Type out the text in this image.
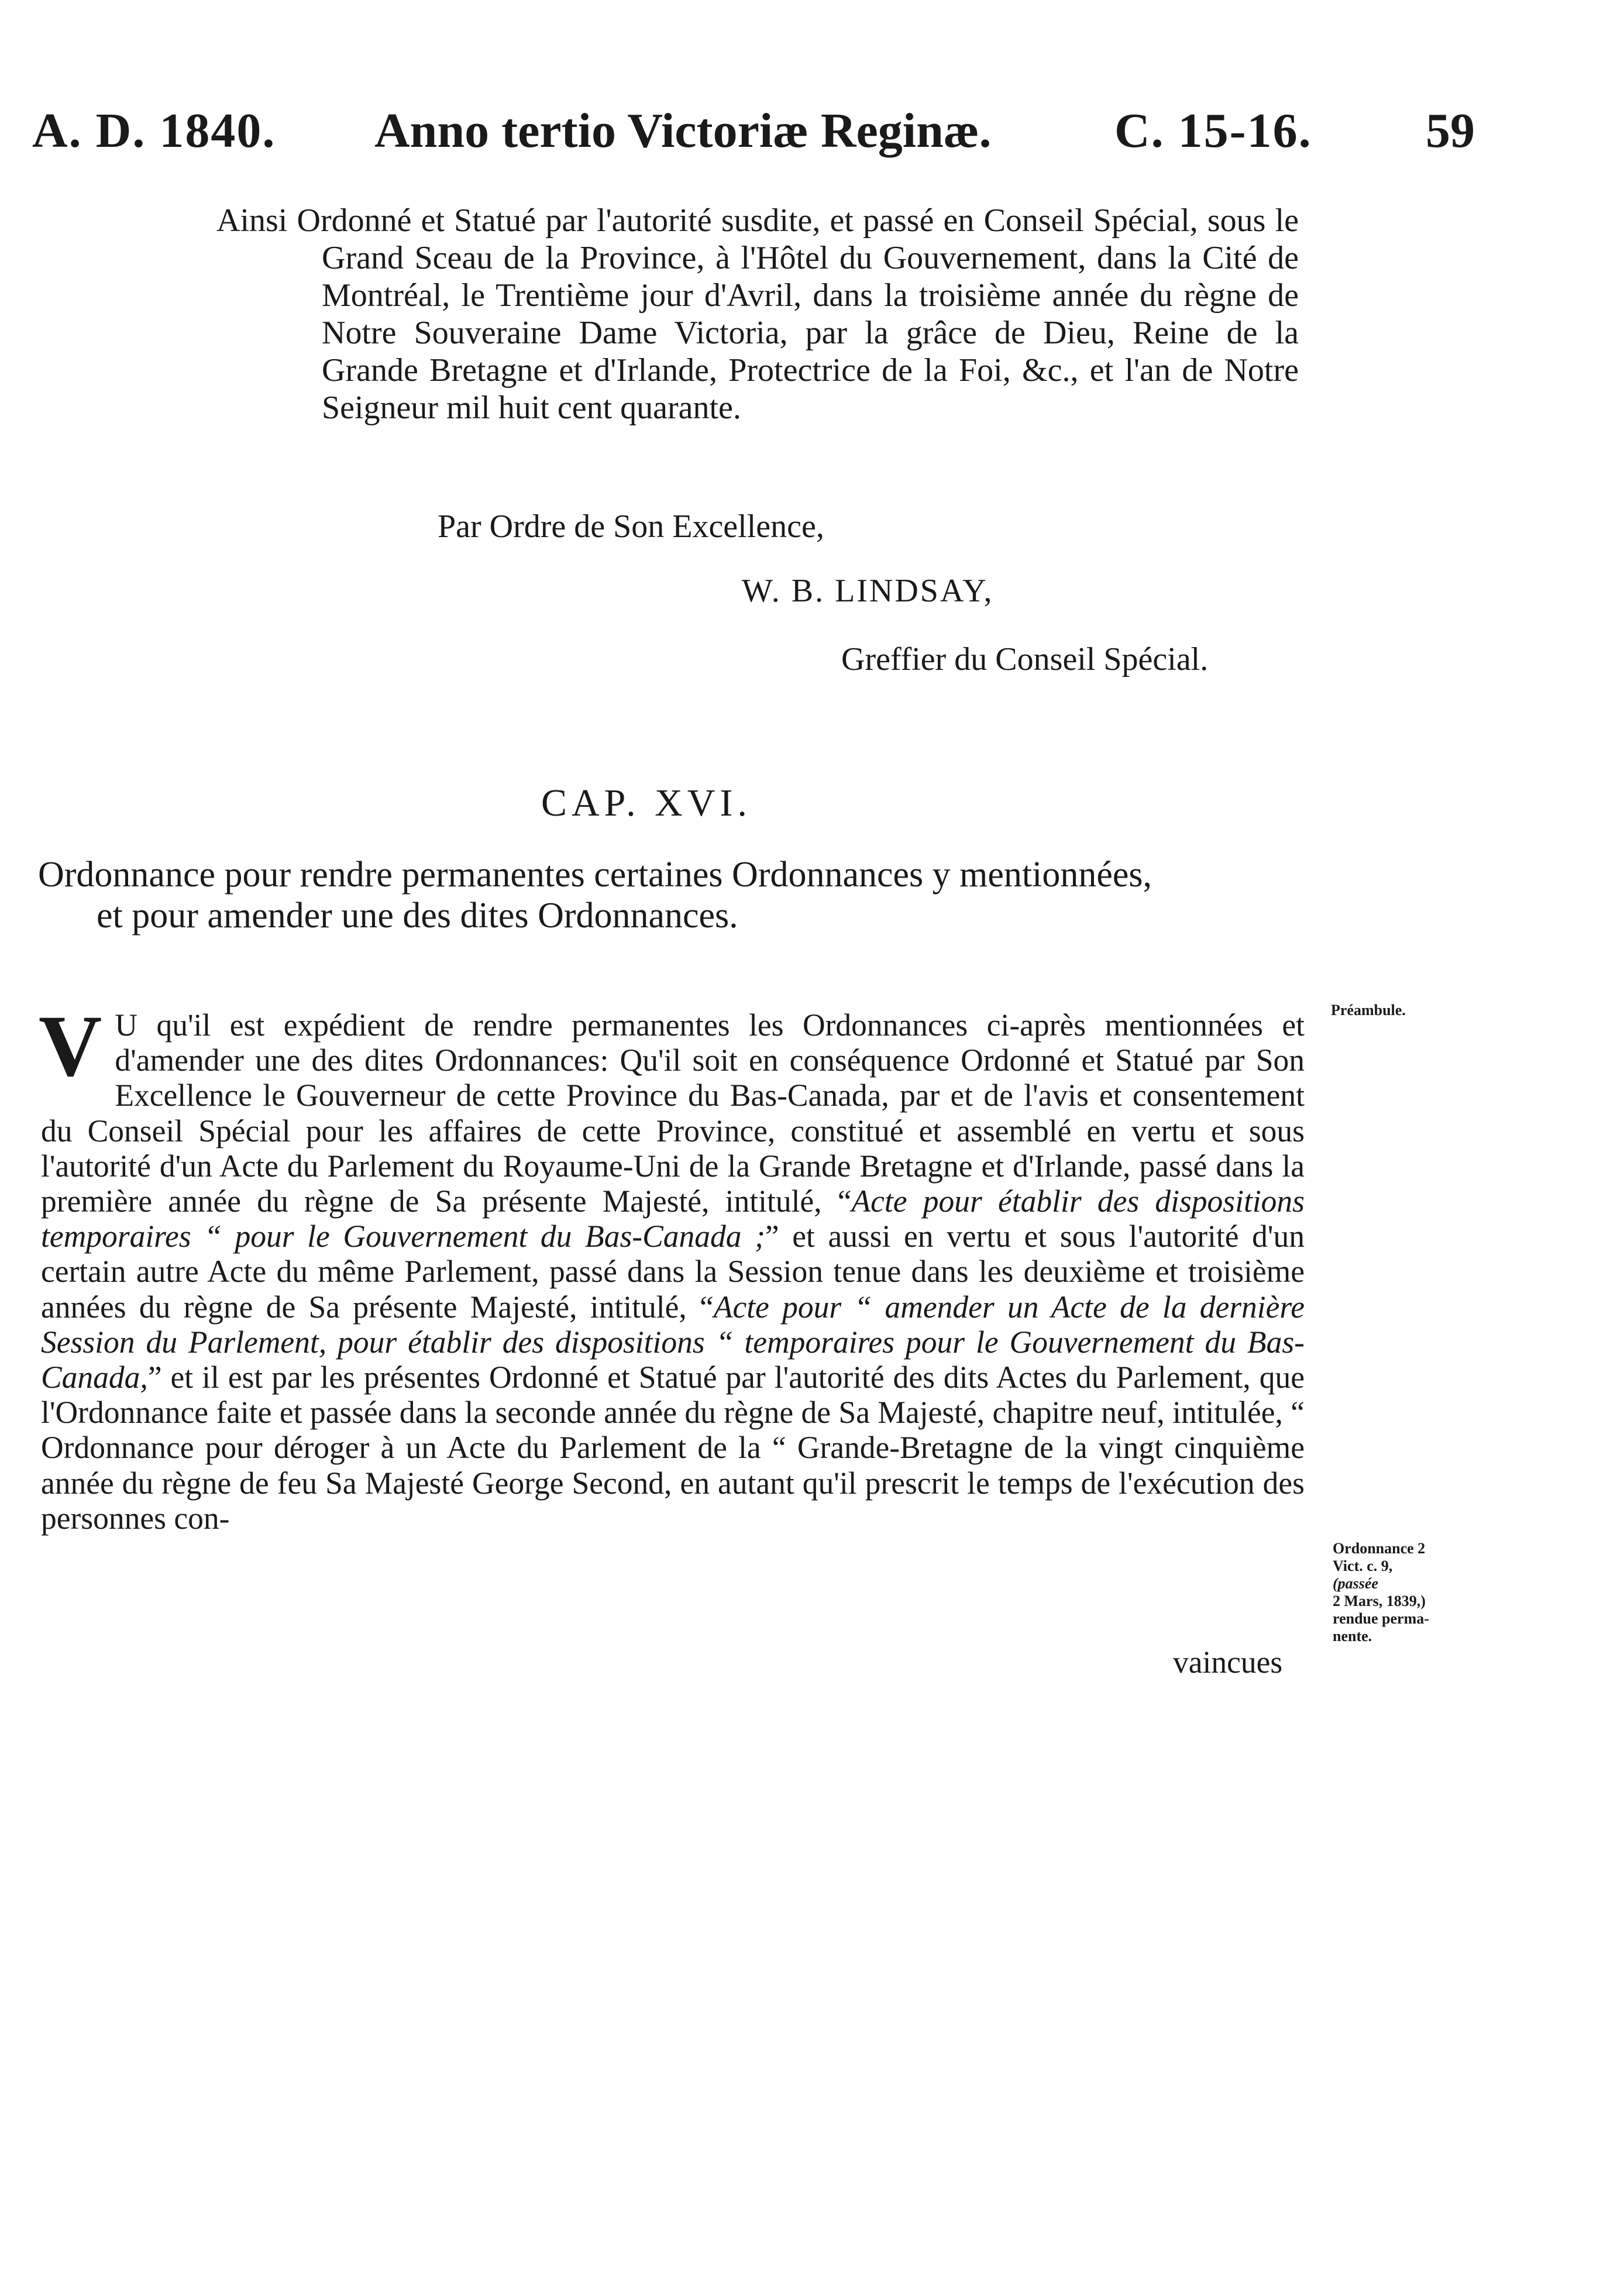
A. D. 1840. Anno tertio Victoriæ Reginæ.	C. 15-16. 59
Ainsi Ordonné et Statué par l'autorité susdite, et passé en Conseil Spécial, sous le Grand Sceau de la Province, à l'Hôtel du Gouvernement, dans la Cité de Montréal, le Trentième jour d'Avril, dans la troisième année du règne de Notre Souveraine Dame Victoria, par la grâce de Dieu, Reine de la Grande Bretagne et d'Irlande, Protectrice de la Foi, &c., et l'an de Notre Seigneur mil huit cent quarante.
Par Ordre de Son Excellence,
W. B. LINDSAY,
Greffier du Conseil Spécial.
CAP. XVI.
Ordonnance pour rendre permanentes certaines Ordonnances y mentionnées,
et pour amender une des dites Ordonnances.
V U qu'il est expédient de rendre permanentes les Ordonnances ci-après mentionnées et d'amender une des dites Ordonnances: Qu'il soit en conséquence Ordonné et Statué par Son Excellence le Gouverneur de cette Province du Bas-Canada, par et de l'avis et consentement du Conseil Spécial pour les affaires de cette Province, constitué et assemblé en vertu et sous l'autorité d'un Acte du Parlement du Royaume-Uni de la Grande Bretagne et d'Irlande, passé dans la première année du règne de Sa présente Majesté, intitulé, “Acte pour établir des dispositions temporaires “ pour le Gouvernement du Bas-Canada ;” et aussi en vertu et sous l'autorité d'un certain autre Acte du même Parlement, passé dans la Session tenue dans les deuxième et troisième années du règne de Sa présente Majesté, intitulé, “Acte pour “ amender un Acte de la dernière Session du Parlement, pour établir des dispositions “ temporaires pour le Gouvernement du Bas-Canada,” et il est par les présentes Ordonné et Statué par l'autorité des dits Actes du Parlement, que l'Ordonnance faite et passée dans la seconde année du règne de Sa Majesté, chapitre neuf, intitulée, “ Ordonnance pour déroger à un Acte du Parlement de la “ Grande-Bretagne de la vingt cinquième année du règne de feu Sa Majesté George Second, en autant qu'il prescrit le temps de l'exécution des personnes con-
vaincues
Préambule.
Ordonnance 2
Vict. c. 9,
(passée
2 Mars, 1839,)
rendue perma-
nente.
